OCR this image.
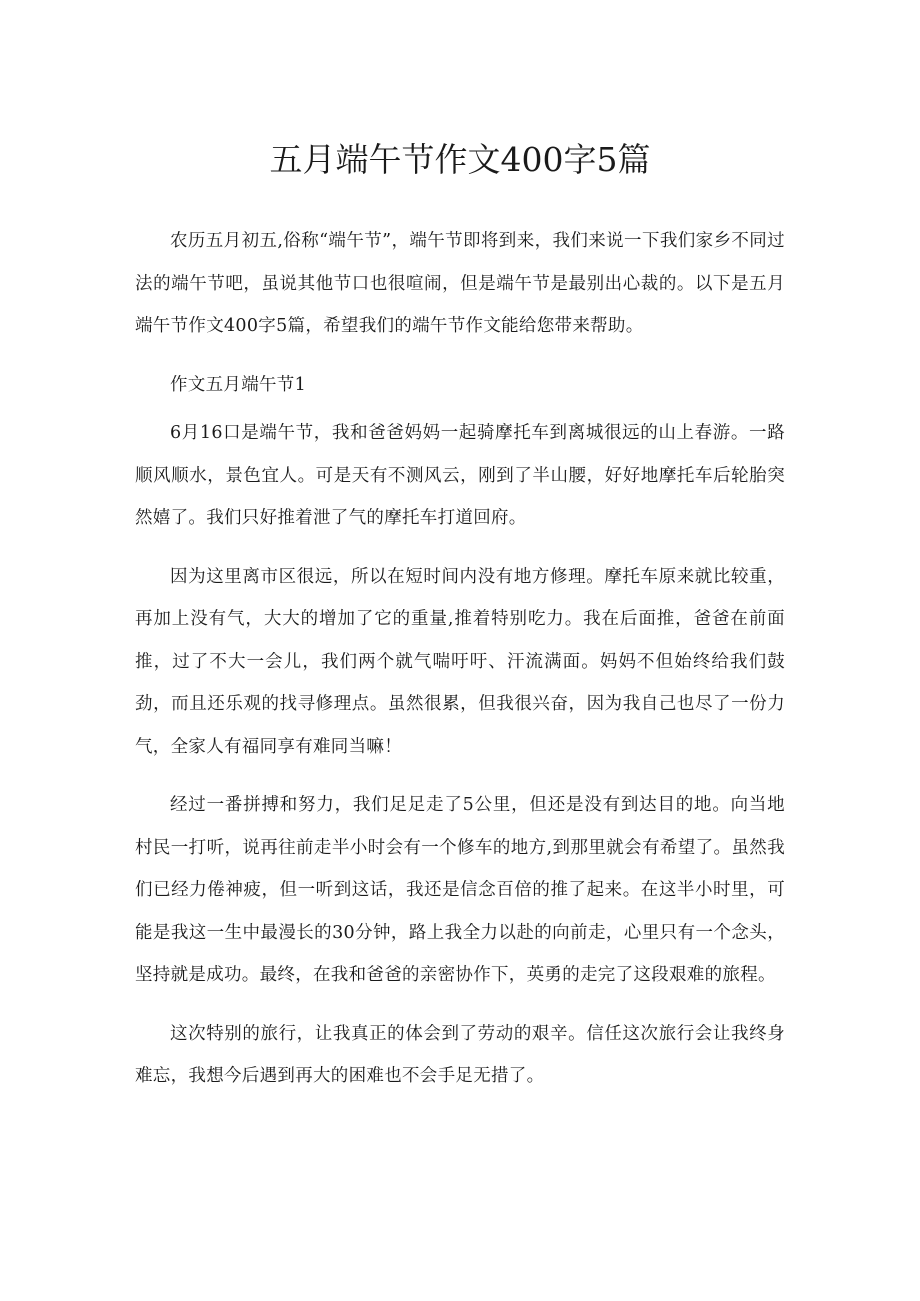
五月端午节作文400字5篇

农历五月初五,俗称“端午节”，端午节即将到来，我们来说一下我们家乡不同过法的端午节吧，虽说其他节口也很喧闹，但是端午节是最别出心裁的。以下是五月端午节作文400字5篇，希望我们的端午节作文能给您带来帮助。

作文五月端午节1

6月16口是端午节，我和爸爸妈妈一起骑摩托车到离城很远的山上春游。一路顺风顺水，景色宜人。可是天有不测风云，刚到了半山腰，好好地摩托车后轮胎突然嬉了。我们只好推着泄了气的摩托车打道回府。

因为这里离市区很远，所以在短时间内没有地方修理。摩托车原来就比较重，再加上没有气，大大的增加了它的重量,推着特别吃力。我在后面推，爸爸在前面推，过了不大一会儿，我们两个就气喘吁吁、汗流满面。妈妈不但始终给我们鼓劲，而且还乐观的找寻修理点。虽然很累，但我很兴奋，因为我自己也尽了一份力气，全家人有福同享有难同当嘛！

经过一番拼搏和努力，我们足足走了5公里，但还是没有到达目的地。向当地村民一打听，说再往前走半小时会有一个修车的地方,到那里就会有希望了。虽然我们已经力倦神疲，但一听到这话，我还是信念百倍的推了起来。在这半小时里，可能是我这一生中最漫长的30分钟，路上我全力以赴的向前走，心里只有一个念头，坚持就是成功。最终，在我和爸爸的亲密协作下，英勇的走完了这段艰难的旅程。

这次特别的旅行，让我真正的体会到了劳动的艰辛。信任这次旅行会让我终身难忘，我想今后遇到再大的困难也不会手足无措了。
